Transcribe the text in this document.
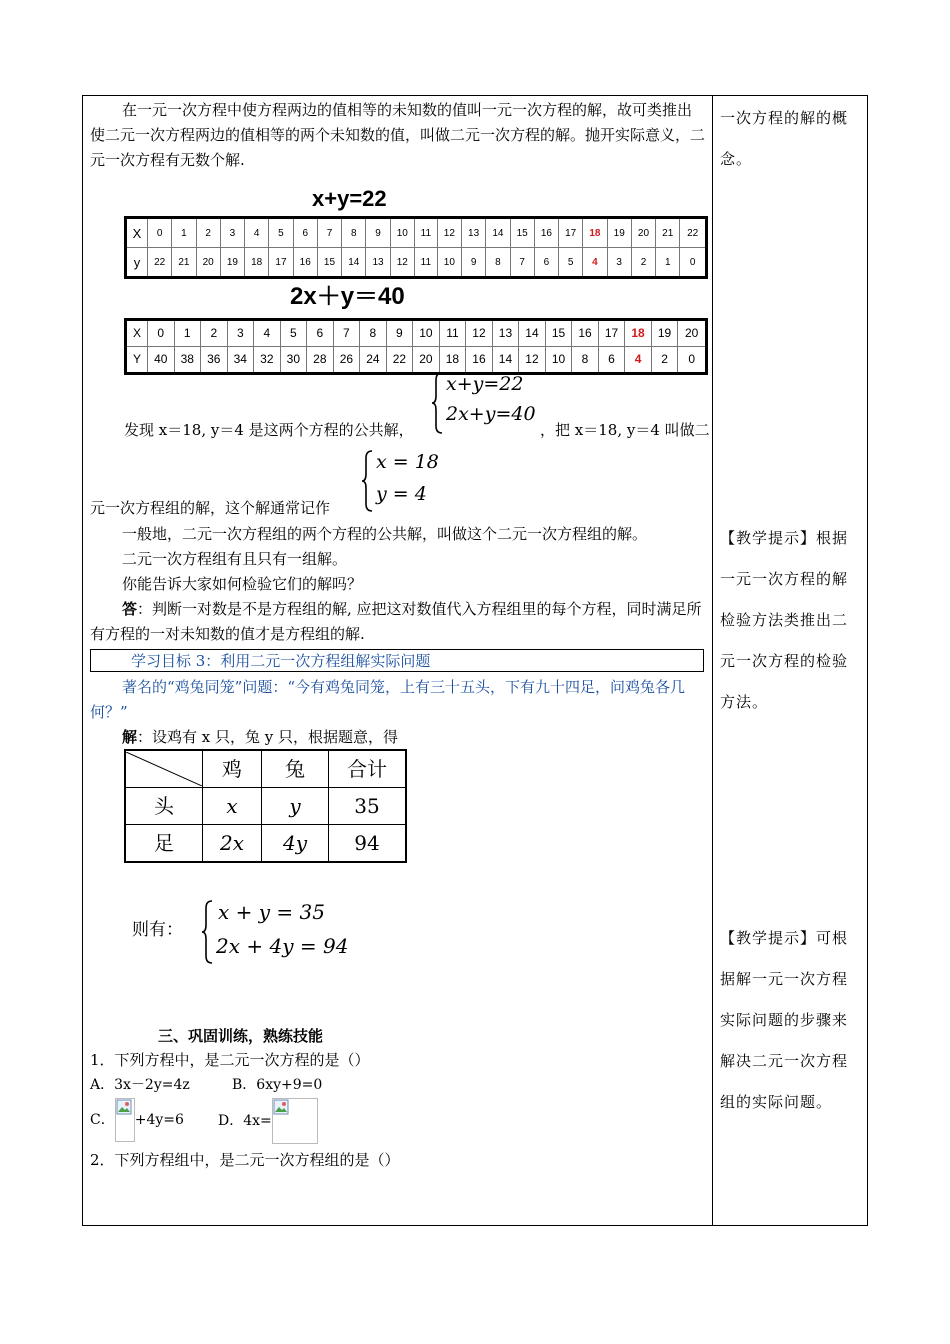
在一元一次方程中使方程两边的值相等的未知数的值叫一元一次方程的解，故可类推出使二元一次方程两边的值相等的两个未知数的值，叫做二元一次方程的解。抛开实际意义，二元一次方程有无数个解.

x+y=22
X	0	1	2	3	4	5	6	7	8	9	10	11	12	13	14	15	16	17	18	19	20	21	22
y	22	21	20	19	18	17	16	15	14	13	12	11	10	9	8	7	6	5	4	3	2	1	0
2x＋y＝40
X	0	1	2	3	4	5	6	7	8	9	10	11	12	13	14	15	16	17	18	19	20
Y	40	38	36	34	32	30	28	26	24	22	20	18	16	14	12	10	8	6	4	2	0
x+y=22
2x+y=40
发现 x＝18, y＝4 是这两个方程的公共解，	，把 x＝18, y＝4 叫做二
x = 18
y = 4
元一次方程组的解，这个解通常记作

一般地，二元一次方程组的两个方程的公共解，叫做这个二元一次方程组的解。

二元一次方程组有且只有一组解。

你能告诉大家如何检验它们的解吗？

答：判断一对数是不是方程组的解, 应把这对数值代入方程组里的每个方程，同时满足所有方程的一对未知数的值才是方程组的解.

学习目标 3：利用二元一次方程组解实际问题

著名的“鸡兔同笼”问题：“今有鸡兔同笼，上有三十五头，下有九十四足，问鸡兔各几何？”

解：设鸡有 x 只，兔 y 只，根据题意，得

	鸡	兔	合计
头	x	y	35
足	2x	4y	94
则有：
x + y = 35
2x + 4y = 94
三、巩固训练，熟练技能
1．下列方程中，是二元一次方程的是（）
A．3x－2y=4z	B．6xy+9=0
C． +4y=6 D．4x=
2．下列方程组中，是二元一次方程组的是（）

一次方程的解的概念。

【教学提示】根据一元一次方程的解检验方法类推出二元一次方程的检验方法。

【教学提示】可根据解一元一次方程实际问题的步骤来解决二元一次方程组的实际问题。
